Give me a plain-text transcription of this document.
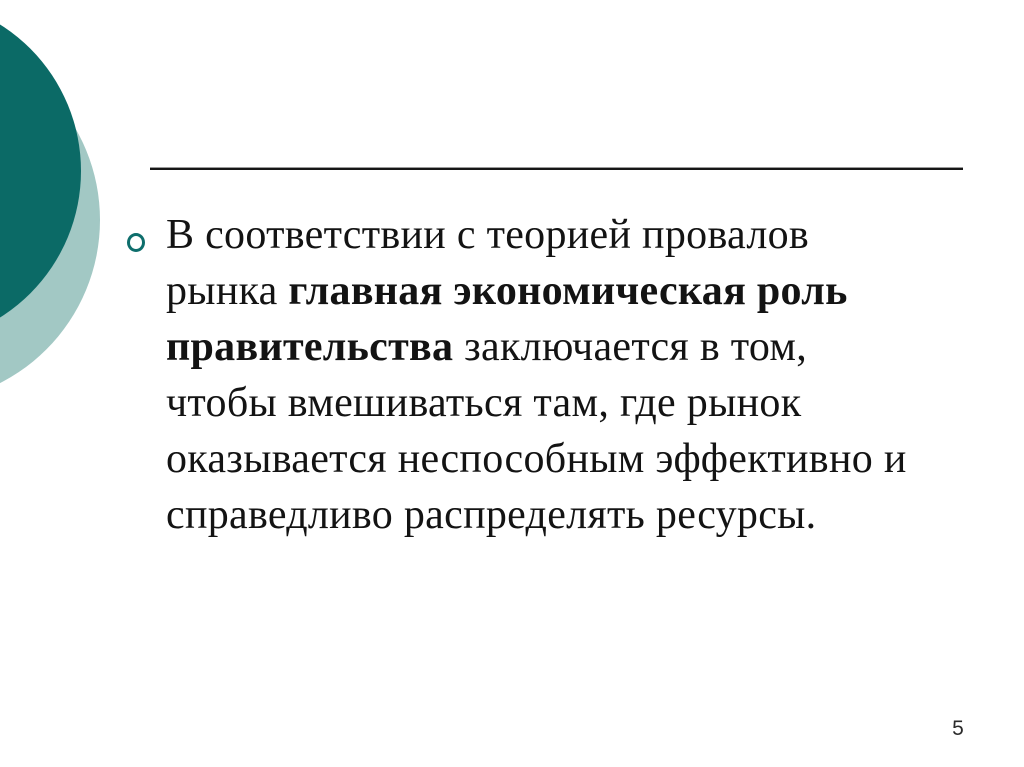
В соответствии с теорией провалов
рынка главная экономическая роль
правительства заключается в том,
чтобы вмешиваться там, где рынок
оказывается неспособным эффективно и
справедливо распределять ресурсы.
5
